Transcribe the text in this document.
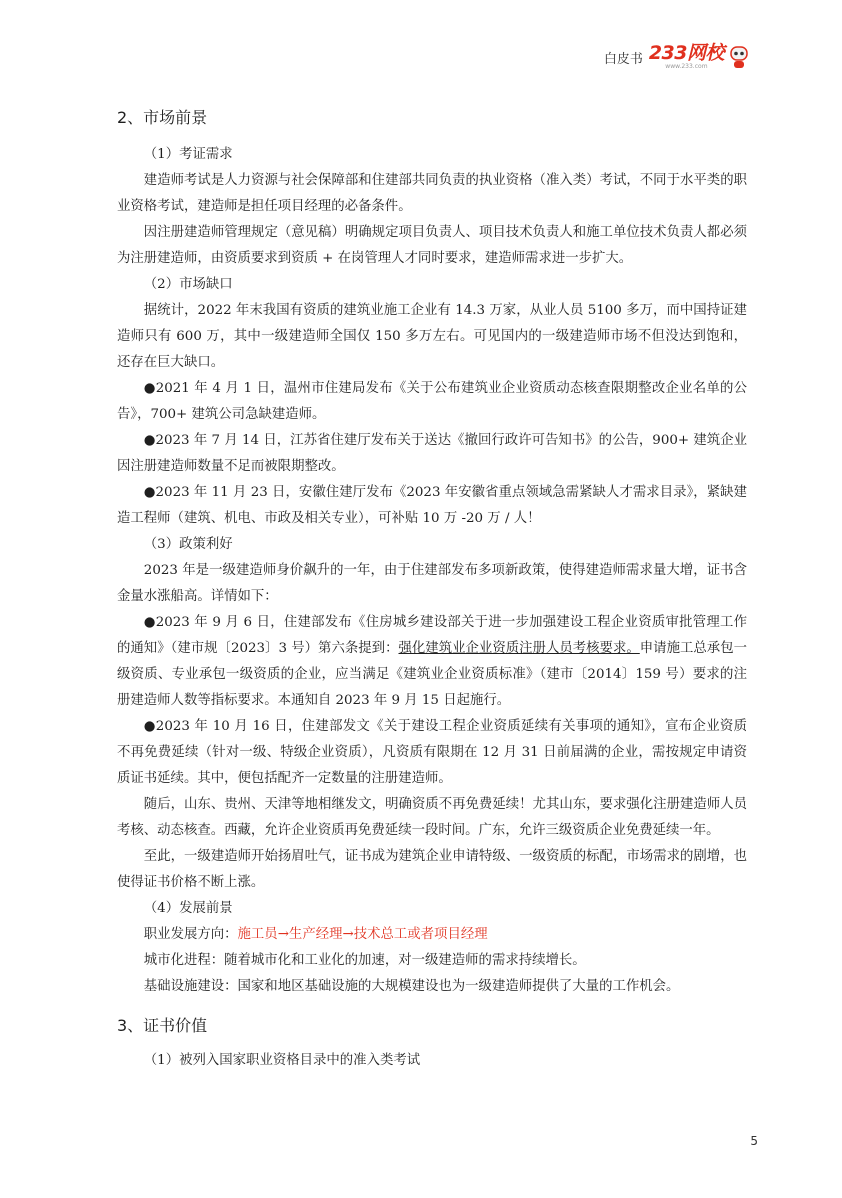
白皮书 233网校
www.233.com
2、市场前景

（1）考证需求

建造师考试是人力资源与社会保障部和住建部共同负责的执业资格（准入类）考试，不同于水平类的职业资格考试，建造师是担任项目经理的必备条件。

因注册建造师管理规定（意见稿）明确规定项目负责人、项目技术负责人和施工单位技术负责人都必须为注册建造师，由资质要求到资质 + 在岗管理人才同时要求，建造师需求进一步扩大。

（2）市场缺口

据统计，2022 年末我国有资质的建筑业施工企业有 14.3 万家，从业人员 5100 多万，而中国持证建造师只有 600 万，其中一级建造师全国仅 150 多万左右。可见国内的一级建造师市场不但没达到饱和，还存在巨大缺口。

●2021 年 4 月 1 日，温州市住建局发布《关于公布建筑业企业资质动态核查限期整改企业名单的公告》，700+ 建筑公司急缺建造师。

●2023 年 7 月 14 日，江苏省住建厅发布关于送达《撤回行政许可告知书》的公告，900+ 建筑企业因注册建造师数量不足而被限期整改。

●2023 年 11 月 23 日，安徽住建厅发布《2023 年安徽省重点领域急需紧缺人才需求目录》，紧缺建造工程师（建筑、机电、市政及相关专业），可补贴 10 万 -20 万 / 人！

（3）政策利好

2023 年是一级建造师身价飙升的一年，由于住建部发布多项新政策，使得建造师需求量大增，证书含金量水涨船高。详情如下：

●2023 年 9 月 6 日，住建部发布《住房城乡建设部关于进一步加强建设工程企业资质审批管理工作的通知》（建市规〔2023〕3 号）第六条提到：强化建筑业企业资质注册人员考核要求。申请施工总承包一级资质、专业承包一级资质的企业，应当满足《建筑业企业资质标准》（建市〔2014〕159 号）要求的注册建造师人数等指标要求。本通知自 2023 年 9 月 15 日起施行。

●2023 年 10 月 16 日，住建部发文《关于建设工程企业资质延续有关事项的通知》，宣布企业资质不再免费延续（针对一级、特级企业资质），凡资质有限期在 12 月 31 日前届满的企业，需按规定申请资质证书延续。其中，便包括配齐一定数量的注册建造师。

随后，山东、贵州、天津等地相继发文，明确资质不再免费延续！尤其山东，要求强化注册建造师人员考核、动态核查。西藏，允许企业资质再免费延续一段时间。广东，允许三级资质企业免费延续一年。

至此，一级建造师开始扬眉吐气，证书成为建筑企业申请特级、一级资质的标配，市场需求的剧增，也使得证书价格不断上涨。

（4）发展前景

职业发展方向：施工员→生产经理→技术总工或者项目经理

城市化进程：随着城市化和工业化的加速，对一级建造师的需求持续增长。

基础设施建设：国家和地区基础设施的大规模建设也为一级建造师提供了大量的工作机会。

3、证书价值

（1）被列入国家职业资格目录中的准入类考试

5
